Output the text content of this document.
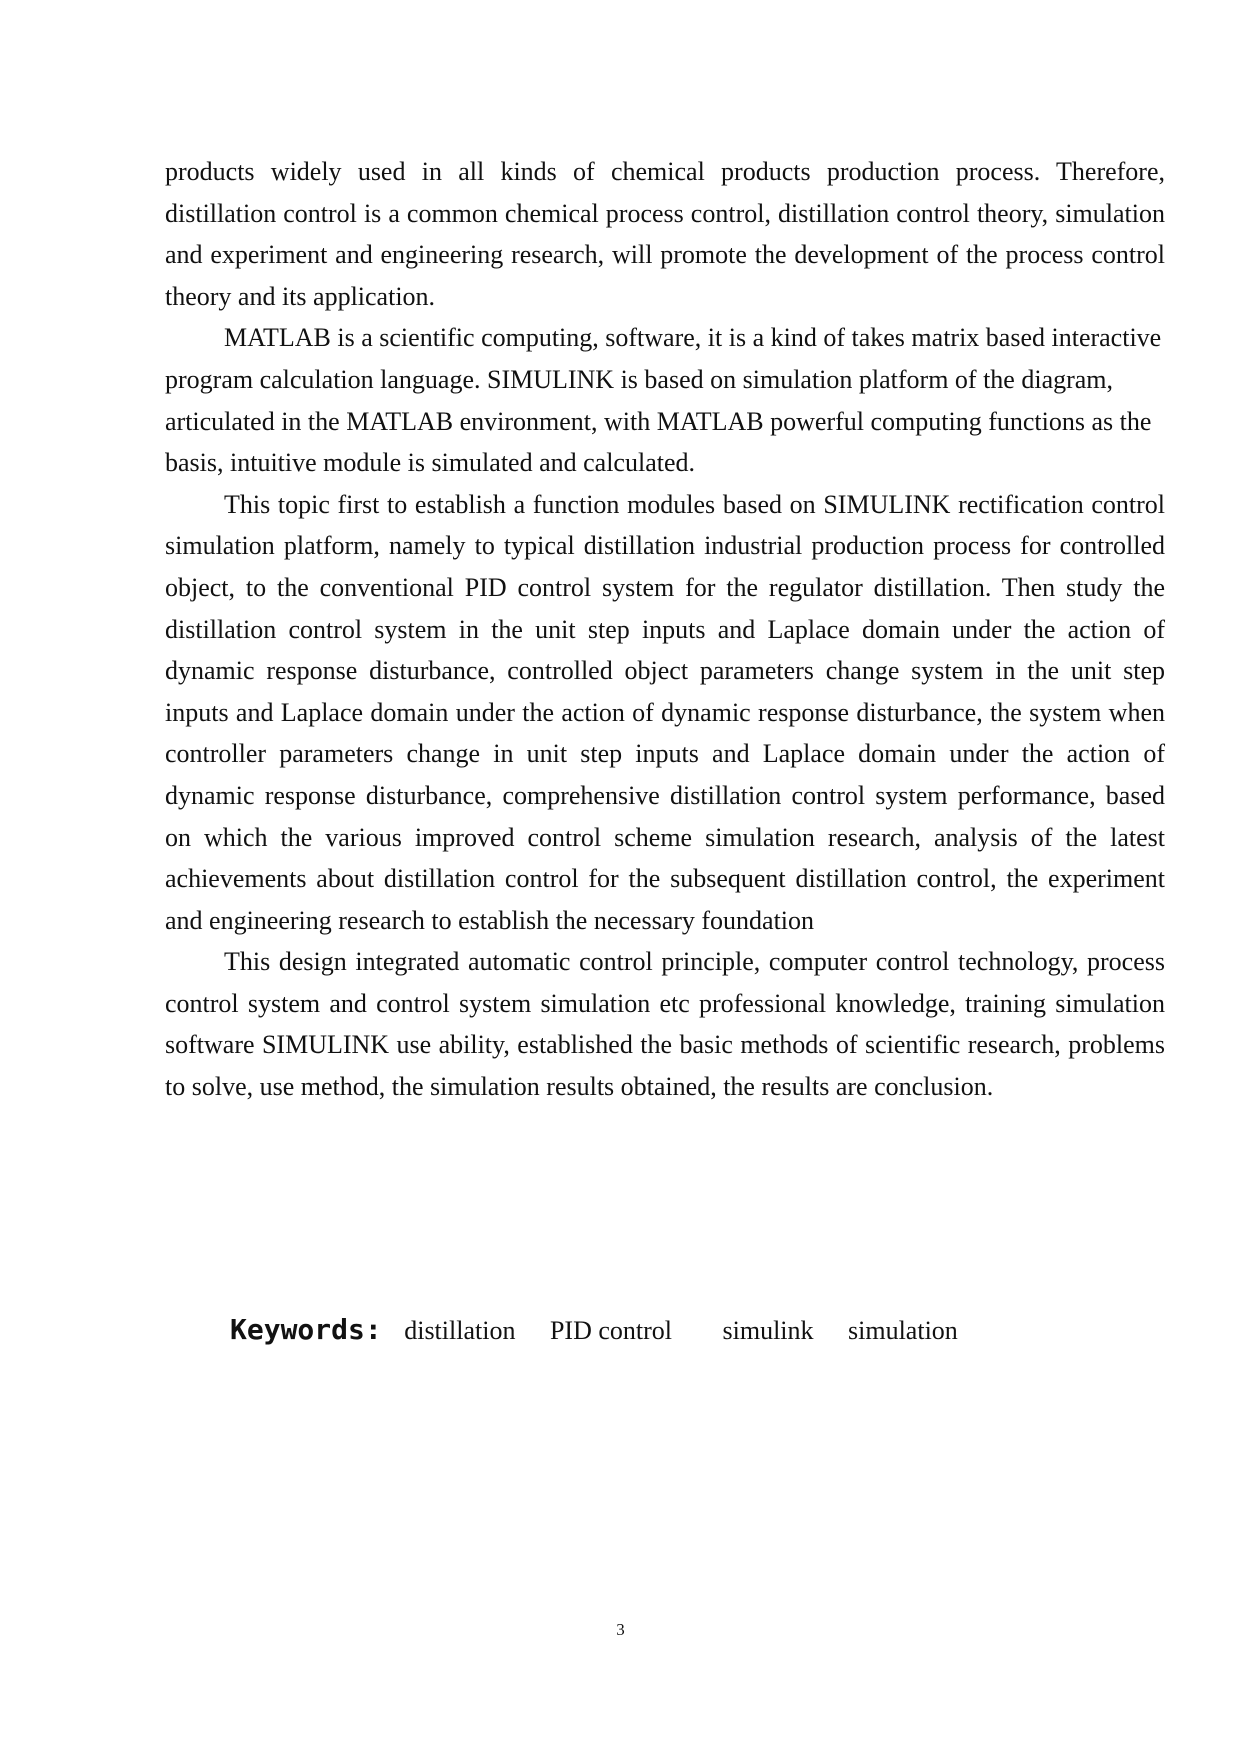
products widely used in all kinds of chemical products production process. Therefore, distillation control is a common chemical process control, distillation control theory, simulation and experiment and engineering research, will promote the development of the process control theory and its application.

MATLAB is a scientific computing, software, it is a kind of takes matrix based interactive program calculation language. SIMULINK is based on simulation platform of the diagram, articulated in the MATLAB environment, with MATLAB powerful computing functions as the basis, intuitive module is simulated and calculated.

This topic first to establish a function modules based on SIMULINK rectification control simulation platform, namely to typical distillation industrial production process for controlled object, to the conventional PID control system for the regulator distillation. Then study the distillation control system in the unit step inputs and Laplace domain under the action of dynamic response disturbance, controlled object parameters change system in the unit step inputs and Laplace domain under the action of dynamic response disturbance, the system when controller parameters change in unit step inputs and Laplace domain under the action of dynamic response disturbance, comprehensive distillation control system performance, based on which the various improved control scheme simulation research, analysis of the latest achievements about distillation control for the subsequent distillation control, the experiment and engineering research to establish the necessary foundation

This design integrated automatic control principle, computer control technology, process control system and control system simulation etc professional knowledge, training simulation software SIMULINK use ability, established the basic methods of scientific research, problems to solve, use method, the simulation results obtained, the results are conclusion.

Keywords: distillation PID control simulink simulation
3
